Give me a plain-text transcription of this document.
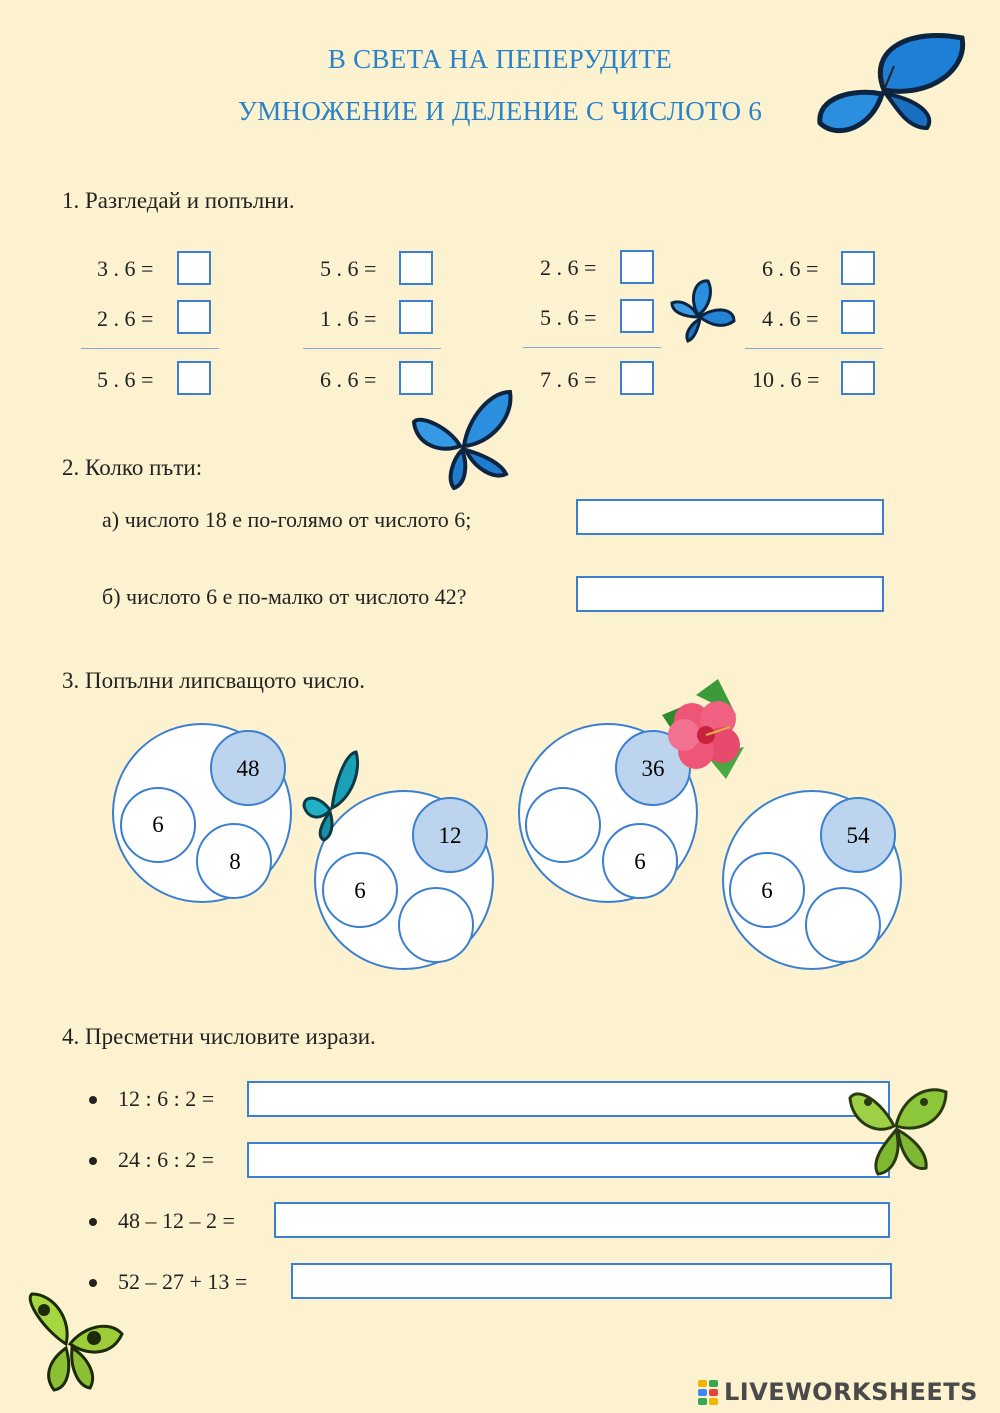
В СВЕТА НА ПЕПЕРУДИТЕ
УМНОЖЕНИЕ И ДЕЛЕНИЕ С ЧИСЛОТО 6
1. Разгледай и попълни.
3 . 6 =
2 . 6 =
5 . 6 =
5 . 6 =
1 . 6 =
6 . 6 =
2 . 6 =
5 . 6 =
7 . 6 =
6 . 6 =
4 . 6 =
10 . 6 =
2. Колко пъти:
а) числото 18 е по-голямо от числото 6;
б) числото 6 е по-малко от числото 42?
3. Попълни липсващото число.
48
6
8
12
6
36
6
54
6
4. Пресметни числовите изрази.
12 : 6 : 2 =
24 : 6 : 2 =
48 – 12 – 2 =
52 – 27 + 13 =
LIVEWORKSHEETS
